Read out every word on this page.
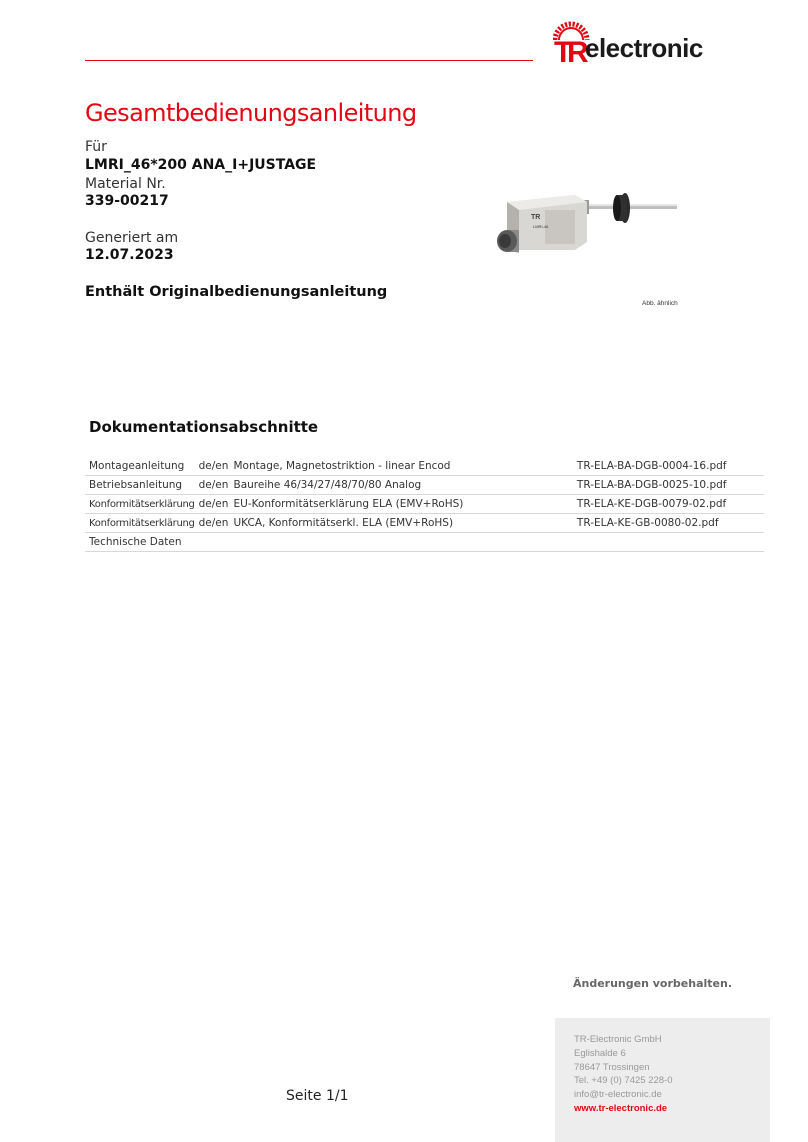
T
R
electronic
Gesamtbedienungsanleitung
Für
LMRI_46*200 ANA_I+JUSTAGE
Material Nr.
339-00217
Generiert am
12.07.2023
Enthält Originalbedienungsanleitung
LMRI-46
TR
Abb. ähnlich
Dokumentationsabschnitte
Montageanleitung	de/en	Montage, Magnetostriktion - linear Encod	TR-ELA-BA-DGB-0004-16.pdf
Betriebsanleitung	de/en	Baureihe 46/34/27/48/70/80 Analog	TR-ELA-BA-DGB-0025-10.pdf
Konformitätserklärung	de/en	EU-Konformitätserklärung ELA (EMV+RoHS)	TR-ELA-KE-DGB-0079-02.pdf
Konformitätserklärung	de/en	UKCA, Konformitätserkl. ELA (EMV+RoHS)	TR-ELA-KE-GB-0080-02.pdf
Technische Daten			
Änderungen vorbehalten.
TR-Electronic GmbH
Eglishalde 6
78647 Trossingen
Tel. +49 (0) 7425 228-0
info@tr-electronic.de
www.tr-electronic.de
Seite 1/1
